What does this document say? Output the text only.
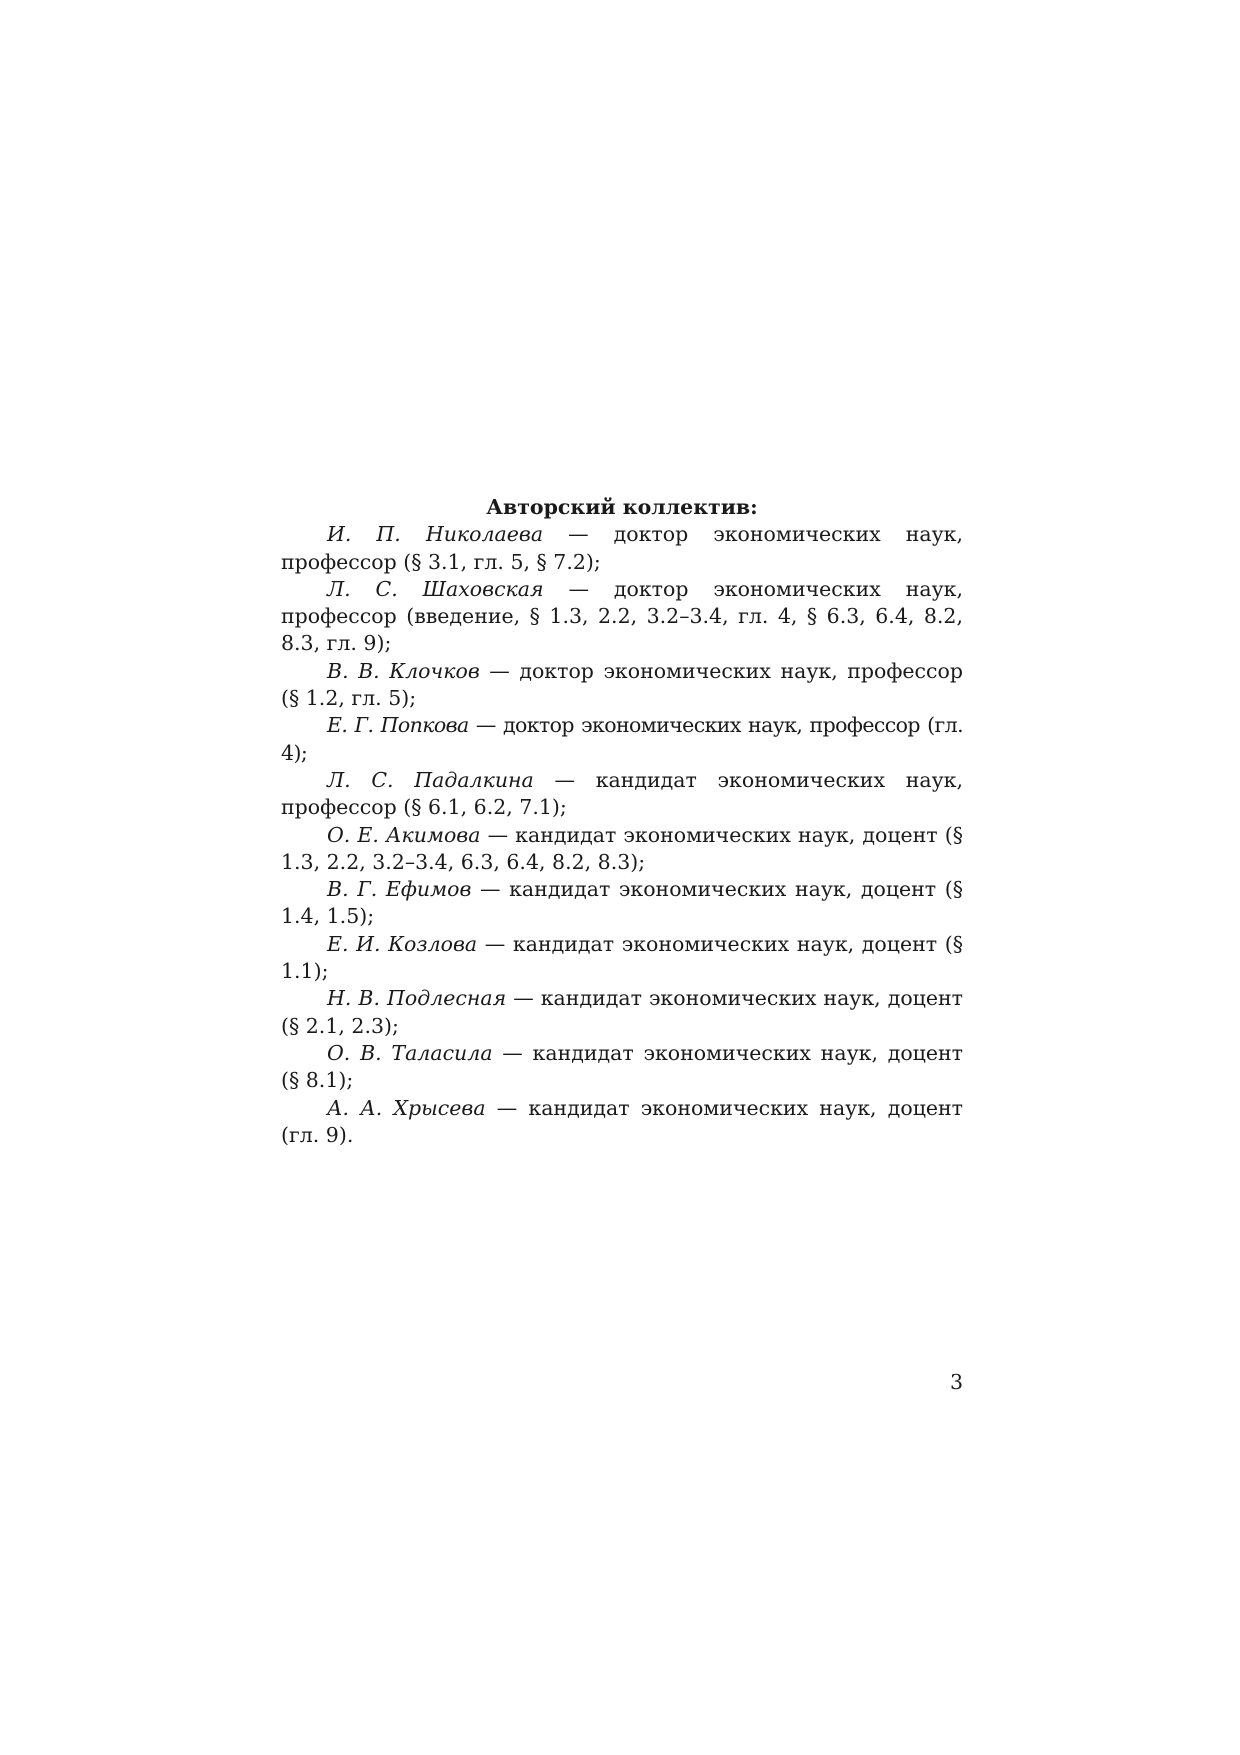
Авторский коллектив:

И. П. Николаева — доктор экономических наук, профессор (§ 3.1, гл. 5, § 7.2);

Л. С. Шаховская — доктор экономических наук, профессор (введение, § 1.3, 2.2, 3.2–3.4, гл. 4, § 6.3, 6.4, 8.2, 8.3, гл. 9);

В. В. Клочков — доктор экономических наук, профессор (§ 1.2, гл. 5);

Е. Г. Попкова — доктор экономических наук, профессор (гл. 4);

Л. С. Падалкина — кандидат экономических наук, профессор (§ 6.1, 6.2, 7.1);

О. Е. Акимова — кандидат экономических наук, доцент (§ 1.3, 2.2, 3.2–3.4, 6.3, 6.4, 8.2, 8.3);

В. Г. Ефимов — кандидат экономических наук, доцент (§ 1.4, 1.5);

Е. И. Козлова — кандидат экономических наук, доцент (§ 1.1);

Н. В. Подлесная — кандидат экономических наук, доцент (§ 2.1, 2.3);

О. В. Таласила — кандидат экономических наук, доцент (§ 8.1);

А. А. Хрысева — кандидат экономических наук, доцент (гл. 9).

3
